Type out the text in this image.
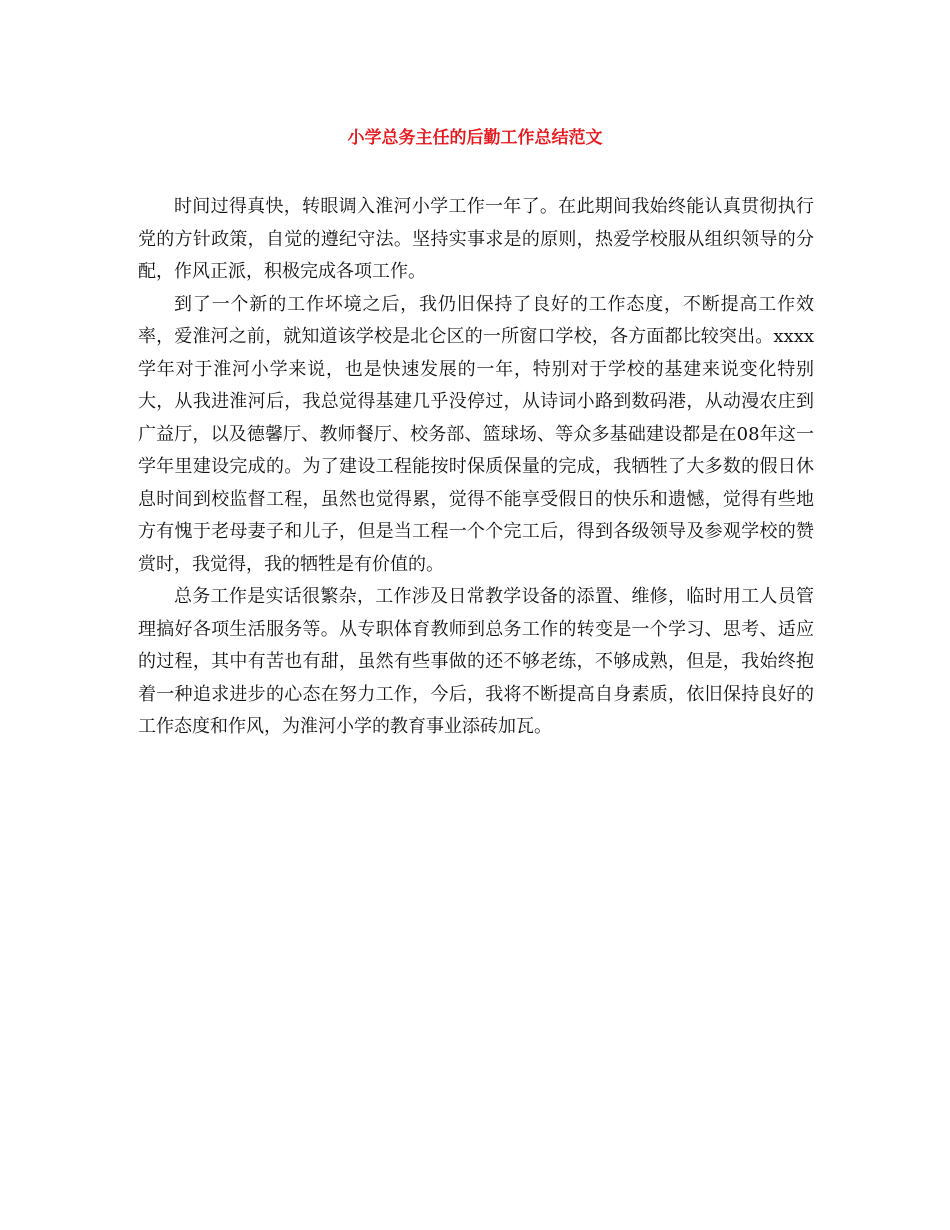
小学总务主任的后勤工作总结范文

时间过得真快，转眼调入淮河小学工作一年了。在此期间我始终能认真贯彻执行党的方针政策，自觉的遵纪守法。坚持实事求是的原则，热爱学校服从组织领导的分配，作风正派，积极完成各项工作。

到了一个新的工作坏境之后，我仍旧保持了良好的工作态度，不断提高工作效率，爱淮河之前，就知道该学校是北仑区的一所窗口学校，各方面都比较突出。xxxx学年对于淮河小学来说，也是快速发展的一年，特别对于学校的基建来说变化特别大，从我进淮河后，我总觉得基建几乎没停过，从诗词小路到数码港，从动漫农庄到广益厅，以及德馨厅、教师餐厅、校务部、篮球场、等众多基础建设都是在08年这一学年里建设完成的。为了建设工程能按时保质保量的完成，我牺牲了大多数的假日休息时间到校监督工程，虽然也觉得累，觉得不能享受假日的快乐和遗憾，觉得有些地方有愧于老母妻子和儿子，但是当工程一个个完工后，得到各级领导及参观学校的赞赏时，我觉得，我的牺牲是有价值的。

总务工作是实话很繁杂，工作涉及日常教学设备的添置、维修，临时用工人员管理搞好各项生活服务等。从专职体育教师到总务工作的转变是一个学习、思考、适应的过程，其中有苦也有甜，虽然有些事做的还不够老练，不够成熟，但是，我始终抱着一种追求进步的心态在努力工作，今后，我将不断提高自身素质，依旧保持良好的工作态度和作风，为淮河小学的教育事业添砖加瓦。
